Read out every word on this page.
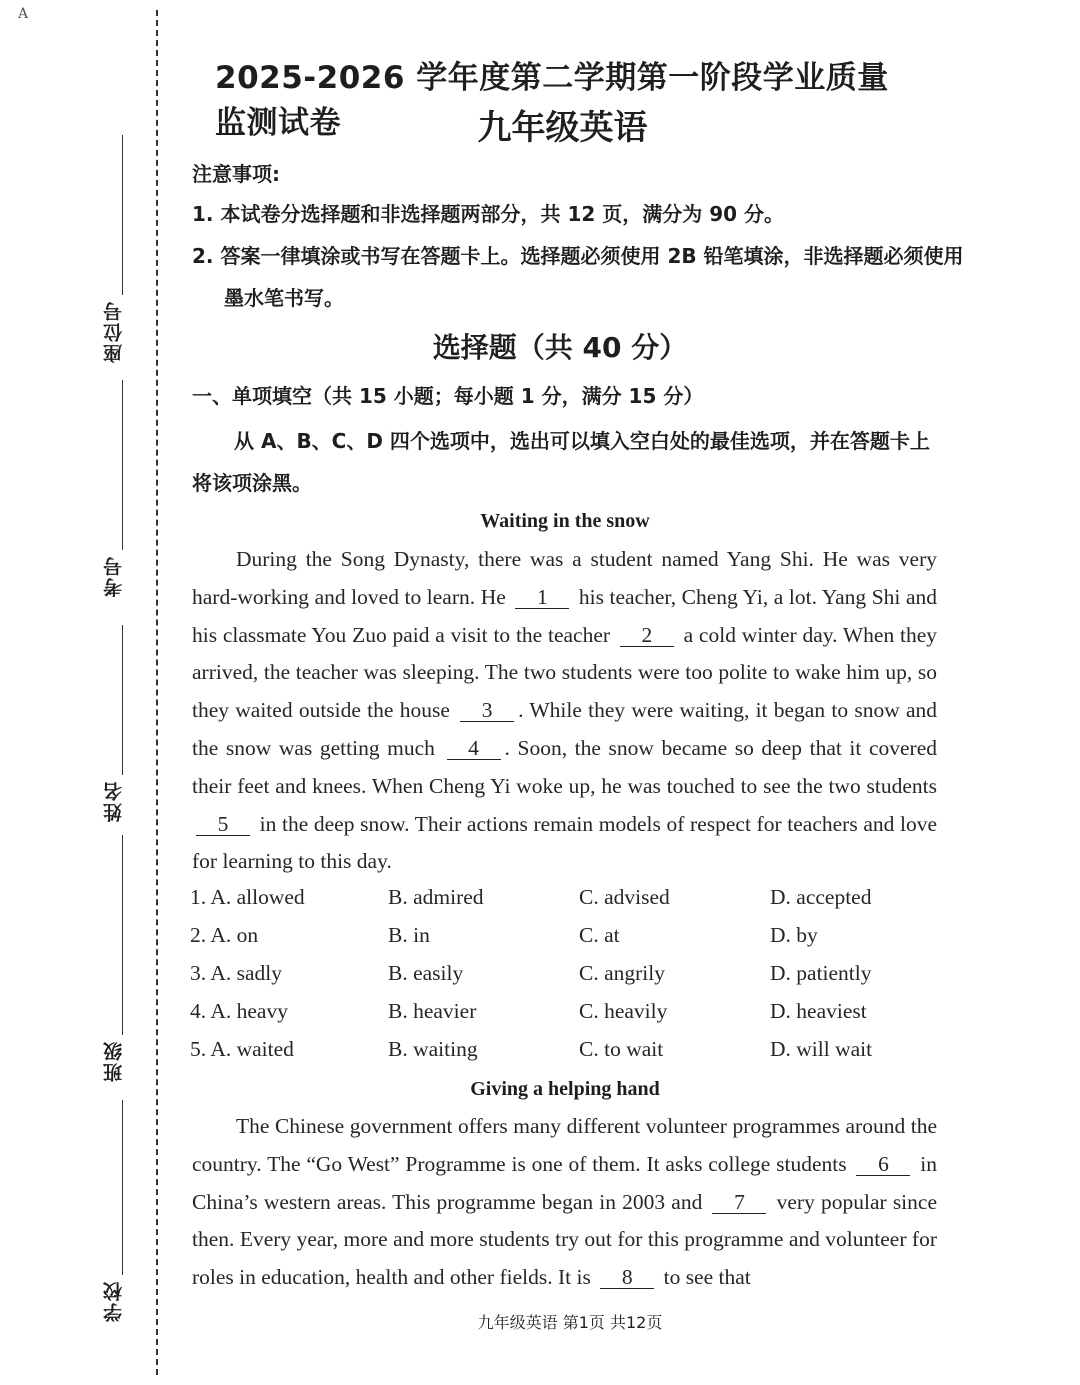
A
座位号
考号
姓名
班级
学校
2025-2026 学年度第二学期第一阶段学业质量监测试卷	九年级英语
注意事项:
1. 本试卷分选择题和非选择题两部分，共 12 页，满分为 90 分。
2. 答案一律填涂或书写在答题卡上。选择题必须使用 2B 铅笔填涂，非选择题必须使用墨水笔书写。
选择题（共 40 分）
一、单项填空（共 15 小题；每小题 1 分，满分 15 分）
从 A、B、C、D 四个选项中，选出可以填入空白处的最佳选项，并在答题卡上将该项涂黑。
Waiting in the snow
During the Song Dynasty, there was a student named Yang Shi. He was very hard-working and loved to learn. He 1 his teacher, Cheng Yi, a lot. Yang Shi and his classmate You Zuo paid a visit to the teacher 2 a cold winter day. When they arrived, the teacher was sleeping. The two students were too polite to wake him up, so they waited outside the house 3 . While they were waiting, it began to snow and the snow was getting much 4 . Soon, the snow became so deep that it covered their feet and knees. When Cheng Yi woke up, he was touched to see the two students 5 in the deep snow. Their actions remain models of respect for teachers and love for learning to this day.
1. A. allowed	B. admired	C. advised	D. accepted
2. A. on	B. in	C. at	D. by
3. A. sadly	B. easily	C. angrily	D. patiently
4. A. heavy	B. heavier	C. heavily	D. heaviest
5. A. waited	B. waiting	C. to wait	D. will wait
Giving a helping hand
The Chinese government offers many different volunteer programmes around the country. The “Go West” Programme is one of them. It asks college students 6 in China’s western areas. This programme began in 2003 and 7 very popular since then. Every year, more and more students try out for this programme and volunteer for roles in education, health and other fields. It is 8 to see that
九年级英语 第1页 共12页
